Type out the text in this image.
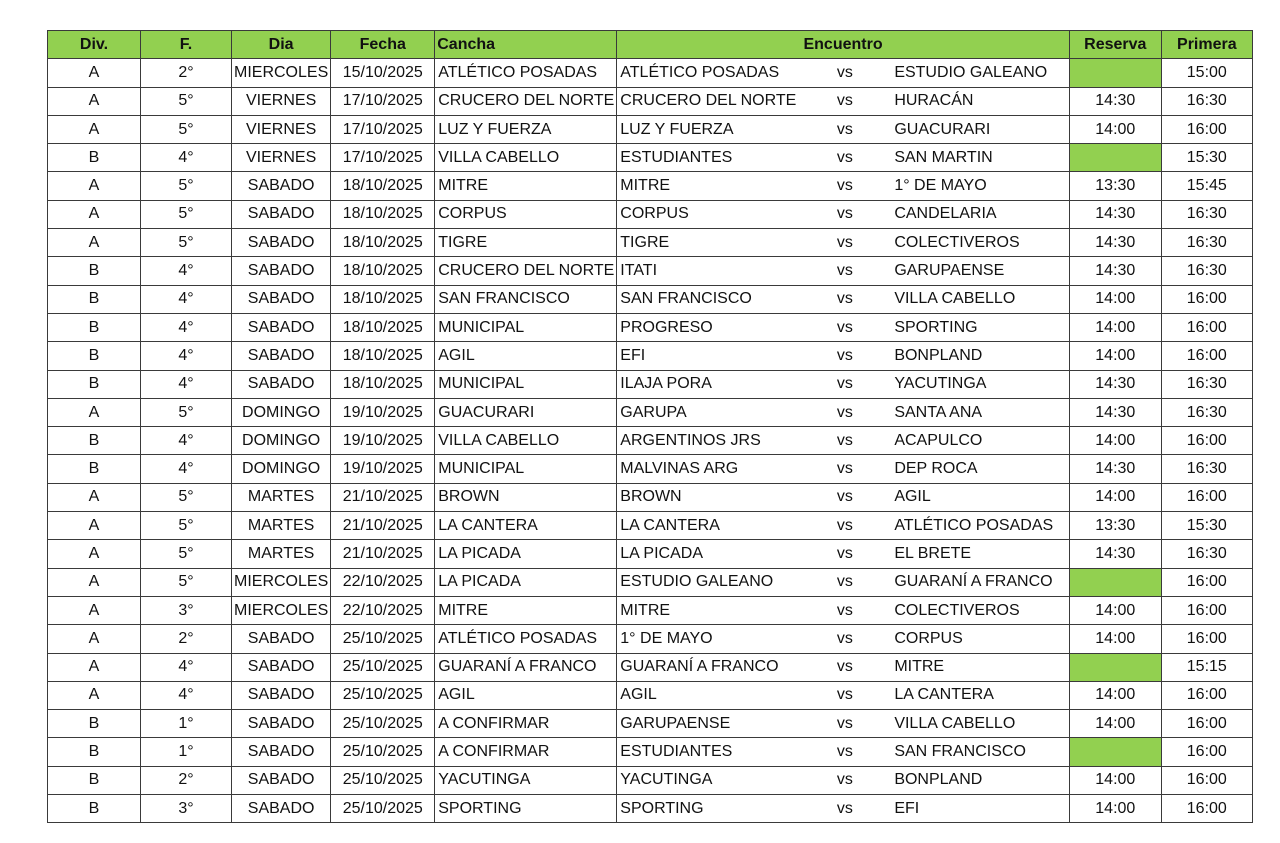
Div.	F.	Dia	Fecha	Cancha	Encuentro			Reserva	Primera
A	2°	MIERCOLES	15/10/2025	ATLÉTICO POSADAS	ATLÉTICO POSADAS	vs	ESTUDIO GALEANO		15:00
A	5°	VIERNES	17/10/2025	CRUCERO DEL NORTE	CRUCERO DEL NORTE	vs	HURACÁN	14:30	16:30
A	5°	VIERNES	17/10/2025	LUZ Y FUERZA	LUZ Y FUERZA	vs	GUACURARI	14:00	16:00
B	4°	VIERNES	17/10/2025	VILLA CABELLO	ESTUDIANTES	vs	SAN MARTIN		15:30
A	5°	SABADO	18/10/2025	MITRE	MITRE	vs	1° DE MAYO	13:30	15:45
A	5°	SABADO	18/10/2025	CORPUS	CORPUS	vs	CANDELARIA	14:30	16:30
A	5°	SABADO	18/10/2025	TIGRE	TIGRE	vs	COLECTIVEROS	14:30	16:30
B	4°	SABADO	18/10/2025	CRUCERO DEL NORTE	ITATI	vs	GARUPAENSE	14:30	16:30
B	4°	SABADO	18/10/2025	SAN FRANCISCO	SAN FRANCISCO	vs	VILLA CABELLO	14:00	16:00
B	4°	SABADO	18/10/2025	MUNICIPAL	PROGRESO	vs	SPORTING	14:00	16:00
B	4°	SABADO	18/10/2025	AGIL	EFI	vs	BONPLAND	14:00	16:00
B	4°	SABADO	18/10/2025	MUNICIPAL	ILAJA PORA	vs	YACUTINGA	14:30	16:30
A	5°	DOMINGO	19/10/2025	GUACURARI	GARUPA	vs	SANTA ANA	14:30	16:30
B	4°	DOMINGO	19/10/2025	VILLA CABELLO	ARGENTINOS JRS	vs	ACAPULCO	14:00	16:00
B	4°	DOMINGO	19/10/2025	MUNICIPAL	MALVINAS ARG	vs	DEP ROCA	14:30	16:30
A	5°	MARTES	21/10/2025	BROWN	BROWN	vs	AGIL	14:00	16:00
A	5°	MARTES	21/10/2025	LA CANTERA	LA CANTERA	vs	ATLÉTICO POSADAS	13:30	15:30
A	5°	MARTES	21/10/2025	LA PICADA	LA PICADA	vs	EL BRETE	14:30	16:30
A	5°	MIERCOLES	22/10/2025	LA PICADA	ESTUDIO GALEANO	vs	GUARANÍ A FRANCO		16:00
A	3°	MIERCOLES	22/10/2025	MITRE	MITRE	vs	COLECTIVEROS	14:00	16:00
A	2°	SABADO	25/10/2025	ATLÉTICO POSADAS	1° DE MAYO	vs	CORPUS	14:00	16:00
A	4°	SABADO	25/10/2025	GUARANÍ A FRANCO	GUARANÍ A FRANCO	vs	MITRE		15:15
A	4°	SABADO	25/10/2025	AGIL	AGIL	vs	LA CANTERA	14:00	16:00
B	1°	SABADO	25/10/2025	A CONFIRMAR	GARUPAENSE	vs	VILLA CABELLO	14:00	16:00
B	1°	SABADO	25/10/2025	A CONFIRMAR	ESTUDIANTES	vs	SAN FRANCISCO		16:00
B	2°	SABADO	25/10/2025	YACUTINGA	YACUTINGA	vs	BONPLAND	14:00	16:00
B	3°	SABADO	25/10/2025	SPORTING	SPORTING	vs	EFI	14:00	16:00
